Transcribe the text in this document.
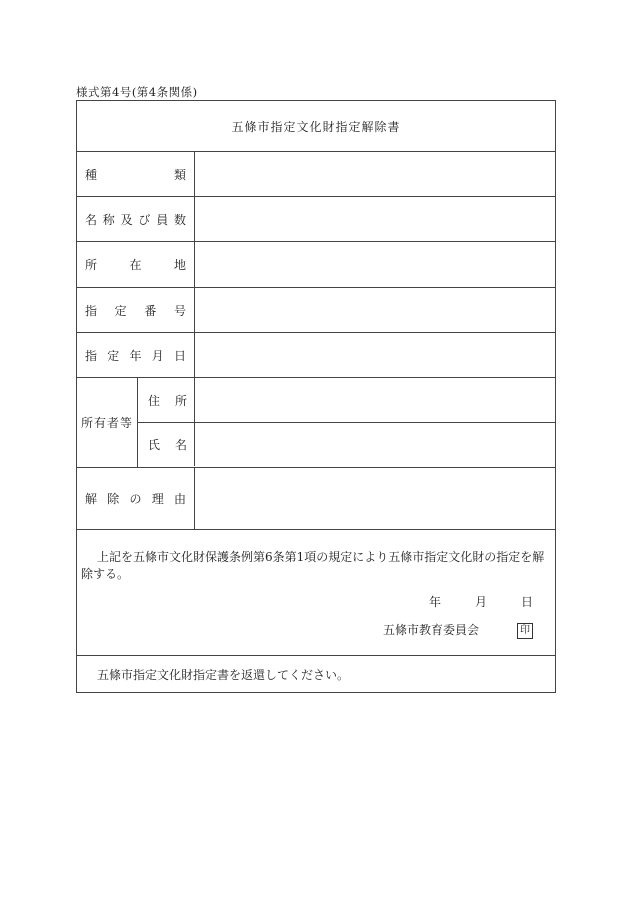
様式第4号(第4条関係)
五條市指定文化財指定解除書
種	類
名 称 及 び 員 数
所	在	地
指 定 番 号
指 定 年 月 日
所有者等
住 所
氏 名
解 除 の 理 由
上記を五條市文化財保護条例第6条第1項の規定により五條市指定文化財の指定を解除する。
年	月	日
五條市教育委員会	印
五條市指定文化財指定書を返還してください。
